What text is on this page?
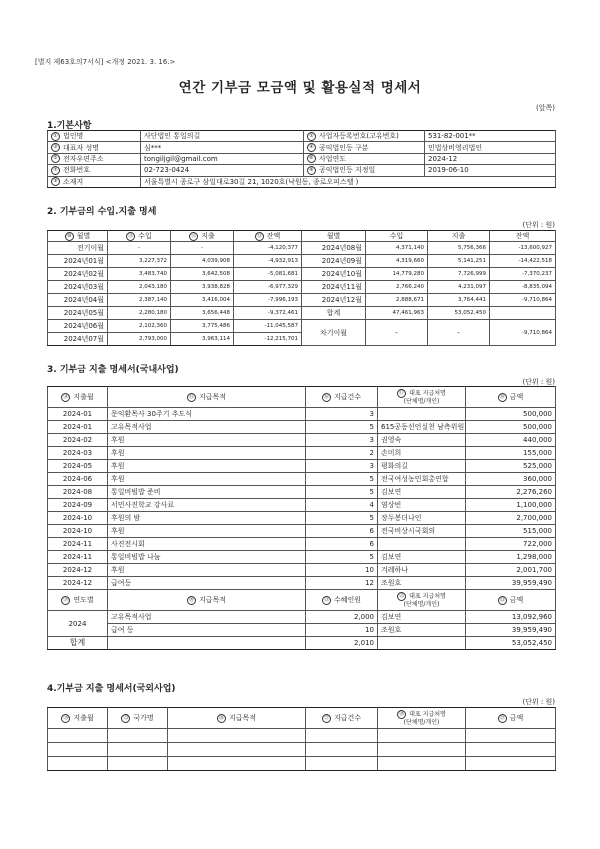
[별지 제63호의7서식] <개정 2021. 3. 16.>
연간 기부금 모금액 및 활용실적 명세서
(앞쪽)
1.기본사항
① 법인명	사단법인 통일의길	② 사업자등록번호(고유번호)	531-82-001**
③ 대표자 성명	심***	④ 공익법인등 구분	민법상비영리법인
⑤ 전자우편주소	tongiljgil@gmail.com	⑥ 사업연도	2024-12
⑦ 전화번호	02-723-0424	⑧ 공익법인등 지정일	2019-06-10
⑨ 소재지	서울특별시 종로구 삼일대로30길 21, 1020호(낙원동, 종로오피스텔 )		
2. 기부금의 수입.지출 명세
(단위 : 원)
⑩ 월별	⑪ 수입	⑫ 지출	⑬ 잔액	월별	수입	지출	잔액
전기이월	-	-	-4,120,377	2024년08월	4,371,140	5,756,366	-13,600,927
2024년01월	3,227,372	4,039,908	-4,932,913	2024년09월	4,319,660	5,141,251	-14,422,518
2024년02월	3,483,740	3,642,508	-5,081,681	2024년10월	14,779,280	7,726,999	-7,370,237
2024년03월	2,043,180	3,938,828	-6,977,329	2024년11월	2,766,240	4,231,097	-8,835,094
2024년04월	2,387,140	3,416,004	-7,996,193	2024년12월	2,888,671	3,764,441	-9,710,864
2024년05월	2,280,180	3,656,448	-9,372,461	합계	47,461,963	53,052,450	
2024년06월	2,102,360	3,775,486	-11,045,587	차기이월	-	-	-9,710,864
2024년07월	2,793,000	3,963,114	-12,215,701				
3. 기부금 지출 명세서(국내사업)
(단위 : 원)
⑭ 지출월	⑮ 지급목적	⑯ 지급건수	⑰ 대표 지급처명
(단체명/개인)	⑱ 금액
2024-01	문익환목사 30주기 추도식	3		500,000
2024-01	고유목적사업	5	615공동선언실천 남측위원	500,000
2024-02	후원	3	권영숙	440,000
2024-03	후원	2	손미희	155,000
2024-05	후원	3	평화의길	525,000
2024-06	후원	5	전국여성농민회총연합	360,000
2024-08	통일비빔밥 준비	5	김보연	2,276,260
2024-09	서민사진학교 강사료	4	염상빈	1,100,000
2024-10	후원의 밤	5	장두봉더나인	2,700,000
2024-10	후원	6	전국비상시국회의	515,000
2024-11	사진전시회	6		722,000
2024-11	통일비빔밥 나눔	5	김보연	1,298,000
2024-12	후원	10	겨레하나	2,001,700
2024-12	급여등	12	조원호	39,959,490
⑲ 연도별	⑳ 지급목적	㉑ 수혜인원	㉒ 대표 지급처명
(단체명/개인)	㉓ 금액
2024	고유목적사업	2,000	김보연	13,092,960
	급여 등	10	조원호	39,959,490
합계		2,010		53,052,450
4.기부금 지출 명세서(국외사업)
(단위 : 원)
㉔ 지출월	㉕ 국가명	㉖ 지급목적	㉗ 지급건수	㉘ 대표 지급처명
(단체명/개인)	㉙ 금액
